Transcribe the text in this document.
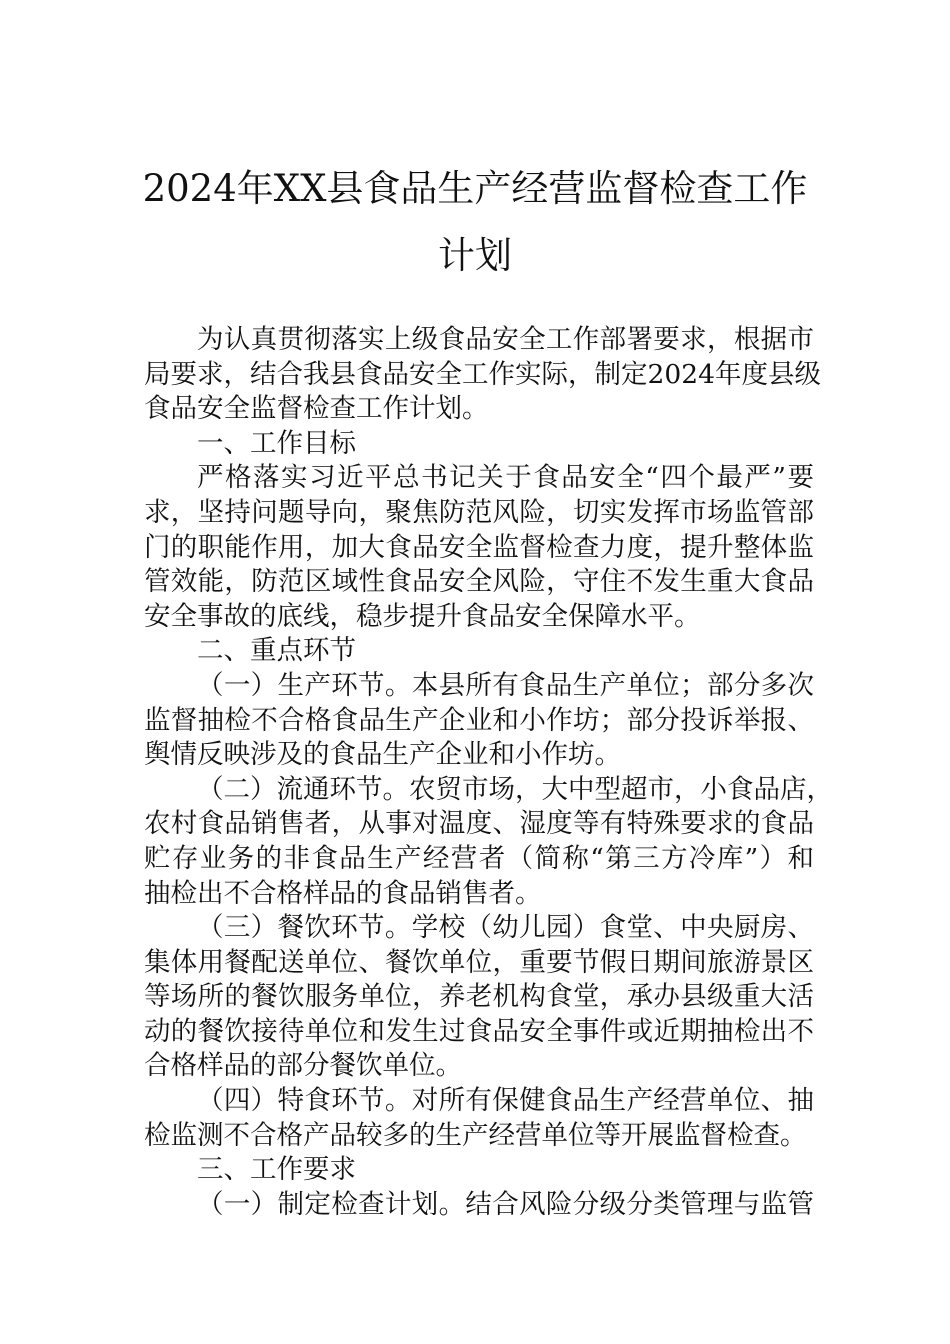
2024年XX县食品生产经营监督检查工作
计划
为认真贯彻落实上级食品安全工作部署要求，根据市
局要求，结合我县食品安全工作实际，制定2024年度县级
食品安全监督检查工作计划。
一、工作目标
严格落实习近平总书记关于食品安全“四个最严”要
求，坚持问题导向，聚焦防范风险，切实发挥市场监管部
门的职能作用，加大食品安全监督检查力度，提升整体监
管效能，防范区域性食品安全风险，守住不发生重大食品
安全事故的底线，稳步提升食品安全保障水平。
二、重点环节
（一）生产环节。本县所有食品生产单位；部分多次
监督抽检不合格食品生产企业和小作坊；部分投诉举报、
舆情反映涉及的食品生产企业和小作坊。
（二）流通环节。农贸市场，大中型超市，小食品店，
农村食品销售者，从事对温度、湿度等有特殊要求的食品
贮存业务的非食品生产经营者（简称“第三方冷库”）和
抽检出不合格样品的食品销售者。
（三）餐饮环节。学校（幼儿园）食堂、中央厨房、
集体用餐配送单位、餐饮单位，重要节假日期间旅游景区
等场所的餐饮服务单位，养老机构食堂，承办县级重大活
动的餐饮接待单位和发生过食品安全事件或近期抽检出不
合格样品的部分餐饮单位。
（四）特食环节。对所有保健食品生产经营单位、抽
检监测不合格产品较多的生产经营单位等开展监督检查。
三、工作要求
（一）制定检查计划。结合风险分级分类管理与监管
